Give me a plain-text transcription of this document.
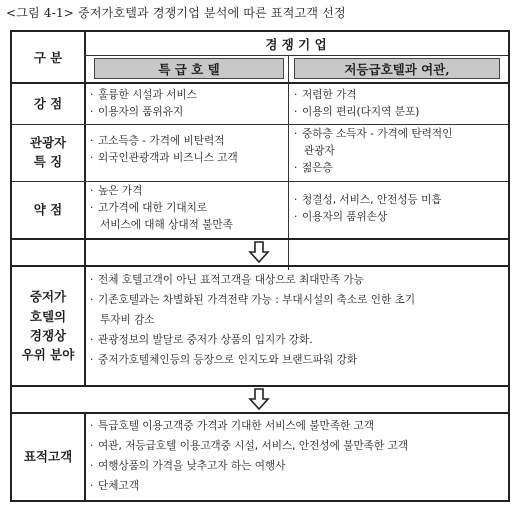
<그림 4-1> 중저가호텔과 경쟁기업 분석에 따른 표적고객 선정
구 분
경 쟁 기 업
특 급 호 텔	저등급호텔과 여관,
강 점
· 훌륭한 시설과 서비스
· 이용자의 품위유지
· 저렴한 가격
· 이용의 편리(다지역 분포)
관광자
특 징
· 고소득층 - 가격에 비탄력적
· 외국인관광객과 비즈니스 고객
· 중하층 소득자 - 가격에 탄력적인
관광자
· 젊은층
약 점
· 높은 가격
· 고가격에 대한 기대치로
서비스에 대해 상대적 불만족
· 청결성, 서비스, 안전성등 미흡
· 이용자의 품위손상
중저가
호텔의
경쟁상
우위 분야
· 전체 호텔고객이 아닌 표적고객을 대상으로 최대만족 가능
· 기존호텔과는 차별화된 가격전략 가능 : 부대시설의 축소로 인한 초기
투자비 감소
· 관광정보의 발달로 중저가 상품의 입지가 강화.
· 중저가호텔체인등의 등장으로 인지도와 브랜드파워 강화
표적고객
· 특급호텔 이용고객중 가격과 기대한 서비스에 불만족한 고객
· 여관, 저등급호텔 이용고객중 시설, 서비스, 안전성에 불만족한 고객
· 여행상품의 가격을 낮추고자 하는 여행사
· 단체고객
